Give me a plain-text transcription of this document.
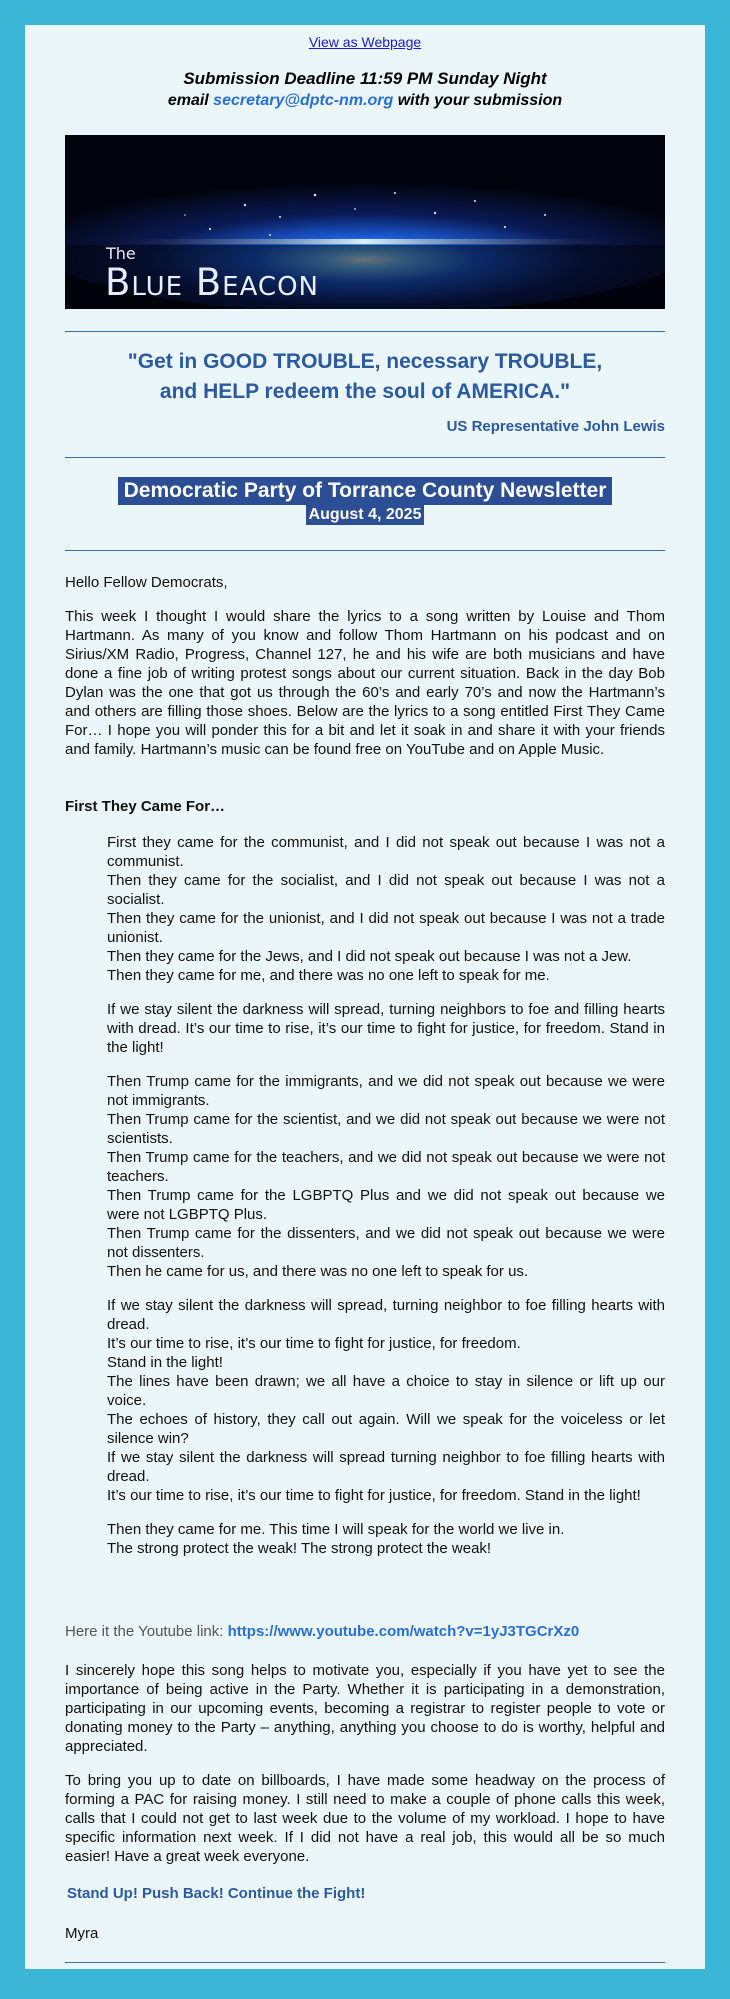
View as Webpage
Submission Deadline 11:59 PM Sunday Night
email secretary@dptc-nm.org with your submission
The
Blue Beacon
"Get in GOOD TROUBLE, necessary TROUBLE,
and HELP redeem the soul of AMERICA."
US Representative John Lewis
Democratic Party of Torrance County Newsletter
August 4, 2025
Hello Fellow Democrats,
This week I thought I would share the lyrics to a song written by Louise and Thom Hartmann. As many of you know and follow Thom Hartmann on his podcast and on Sirius/XM Radio, Progress, Channel 127, he and his wife are both musicians and have done a fine job of writing protest songs about our current situation. Back in the day Bob Dylan was the one that got us through the 60’s and early 70’s and now the Hartmann’s and others are filling those shoes. Below are the lyrics to a song entitled First They Came For… I hope you will ponder this for a bit and let it soak in and share it with your friends and family. Hartmann’s music can be found free on YouTube and on Apple Music.
First They Came For…

First they came for the communist, and I did not speak out because I was not a communist.

Then they came for the socialist, and I did not speak out because I was not a socialist.

Then they came for the unionist, and I did not speak out because I was not a trade unionist.

Then they came for the Jews, and I did not speak out because I was not a Jew.

Then they came for me, and there was no one left to speak for me.

If we stay silent the darkness will spread, turning neighbors to foe and filling hearts with dread. It’s our time to rise, it’s our time to fight for justice, for freedom. Stand in the light!

Then Trump came for the immigrants, and we did not speak out because we were not immigrants.

Then Trump came for the scientist, and we did not speak out because we were not scientists.

Then Trump came for the teachers, and we did not speak out because we were not teachers.

Then Trump came for the LGBPTQ Plus and we did not speak out because we were not LGBPTQ Plus.

Then Trump came for the dissenters, and we did not speak out because we were not dissenters.

Then he came for us, and there was no one left to speak for us.

If we stay silent the darkness will spread, turning neighbor to foe filling hearts with dread.

It’s our time to rise, it’s our time to fight for justice, for freedom.

Stand in the light!

The lines have been drawn; we all have a choice to stay in silence or lift up our voice.

The echoes of history, they call out again. Will we speak for the voiceless or let silence win?

If we stay silent the darkness will spread turning neighbor to foe filling hearts with dread.

It’s our time to rise, it’s our time to fight for justice, for freedom. Stand in the light!

Then they came for me. This time I will speak for the world we live in.

The strong protect the weak! The strong protect the weak!

Here it the Youtube link: https://www.youtube.com/watch?v=1yJ3TGCrXz0
I sincerely hope this song helps to motivate you, especially if you have yet to see the importance of being active in the Party. Whether it is participating in a demonstration, participating in our upcoming events, becoming a registrar to register people to vote or donating money to the Party – anything, anything you choose to do is worthy, helpful and appreciated.
To bring you up to date on billboards, I have made some headway on the process of forming a PAC for raising money. I still need to make a couple of phone calls this week, calls that I could not get to last week due to the volume of my workload. I hope to have specific information next week. If I did not have a real job, this would all be so much easier! Have a great week everyone.
Stand Up! Push Back! Continue the Fight!
Myra
